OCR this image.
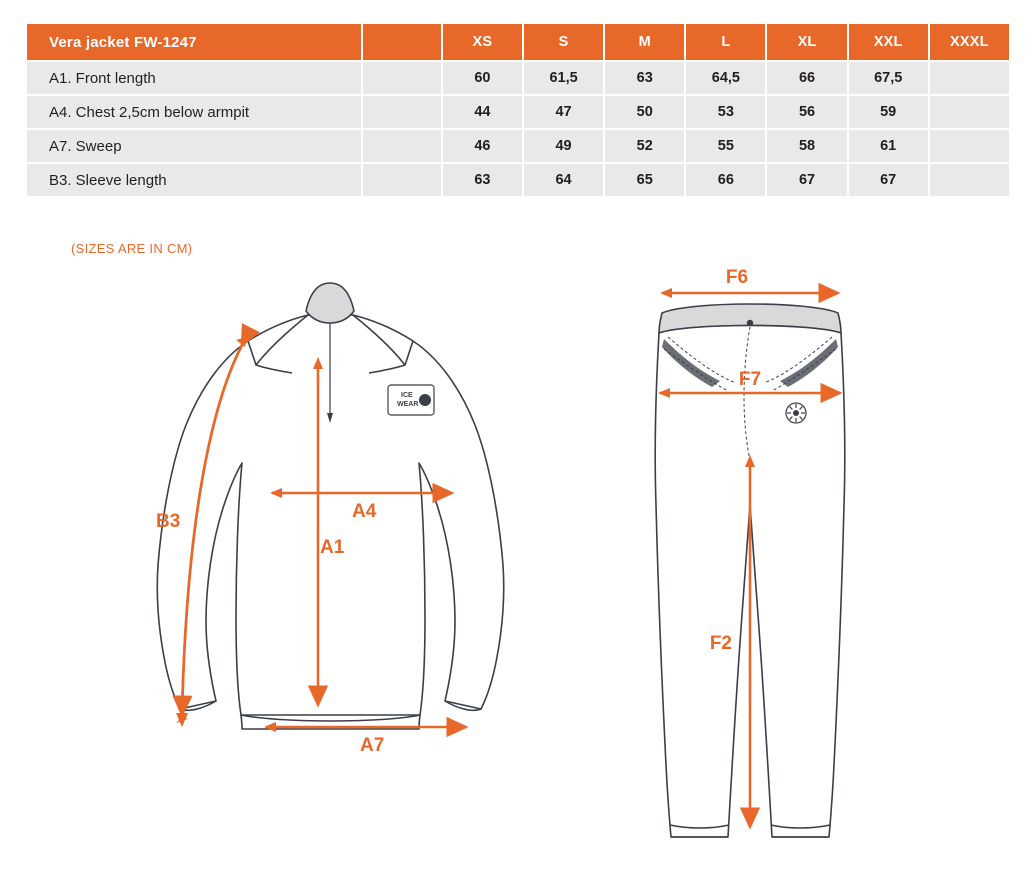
Vera jacket FW-1247		XS	S	M	L	XL	XXL	XXXL
A1. Front length		60	61,5	63	64,5	66	67,5	
A4. Chest 2,5cm below armpit		44	47	50	53	56	59	
A7. Sweep		46	49	52	55	58	61	
B3. Sleeve length		63	64	65	66	67	67	
(SIZES ARE IN CM)
ICE
WEAR
B3	A4
A1
A7
F6
F7
F2
